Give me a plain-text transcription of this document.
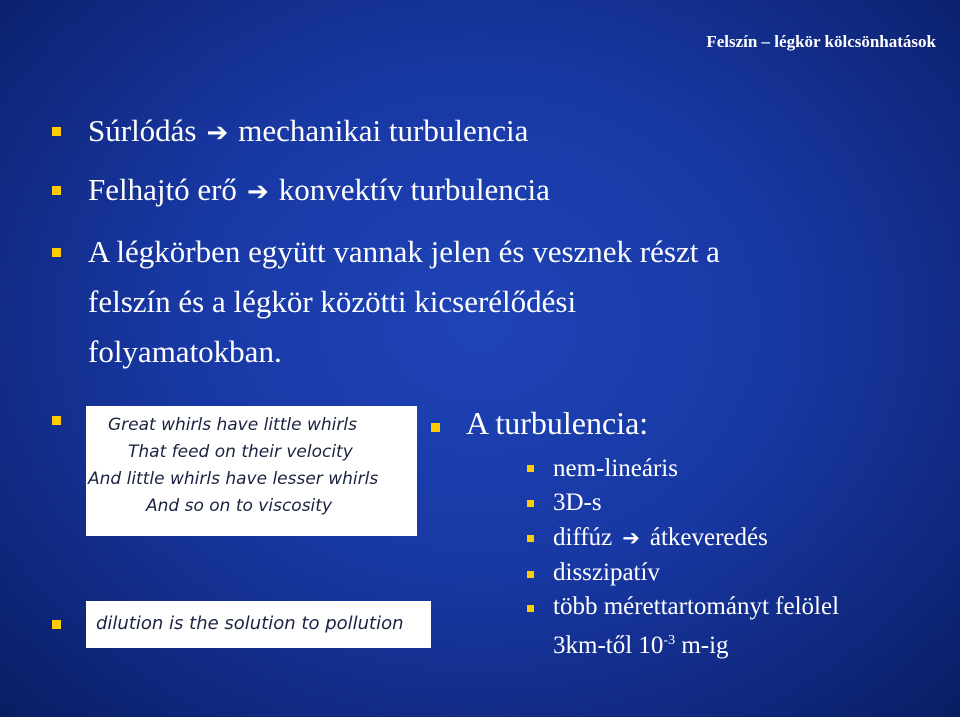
Felszín – légkör kölcsönhatások
Súrlódás ➔ mechanikai turbulencia
Felhajtó erő ➔ konvektív turbulencia
A légkörben együtt vannak jelen és vesznek részt a
felszín és a légkör közötti kicserélődési
folyamatokban.
Great whirls have little whirls
That feed on their velocity
And little whirls have lesser whirls
And so on to viscosity
dilution is the solution to pollution
A turbulencia:
nem-lineáris
3D-s
diffúz ➔ átkeveredés
disszipatív
több mérettartományt felölel
3km-től $10^{-3}$ m-ig
